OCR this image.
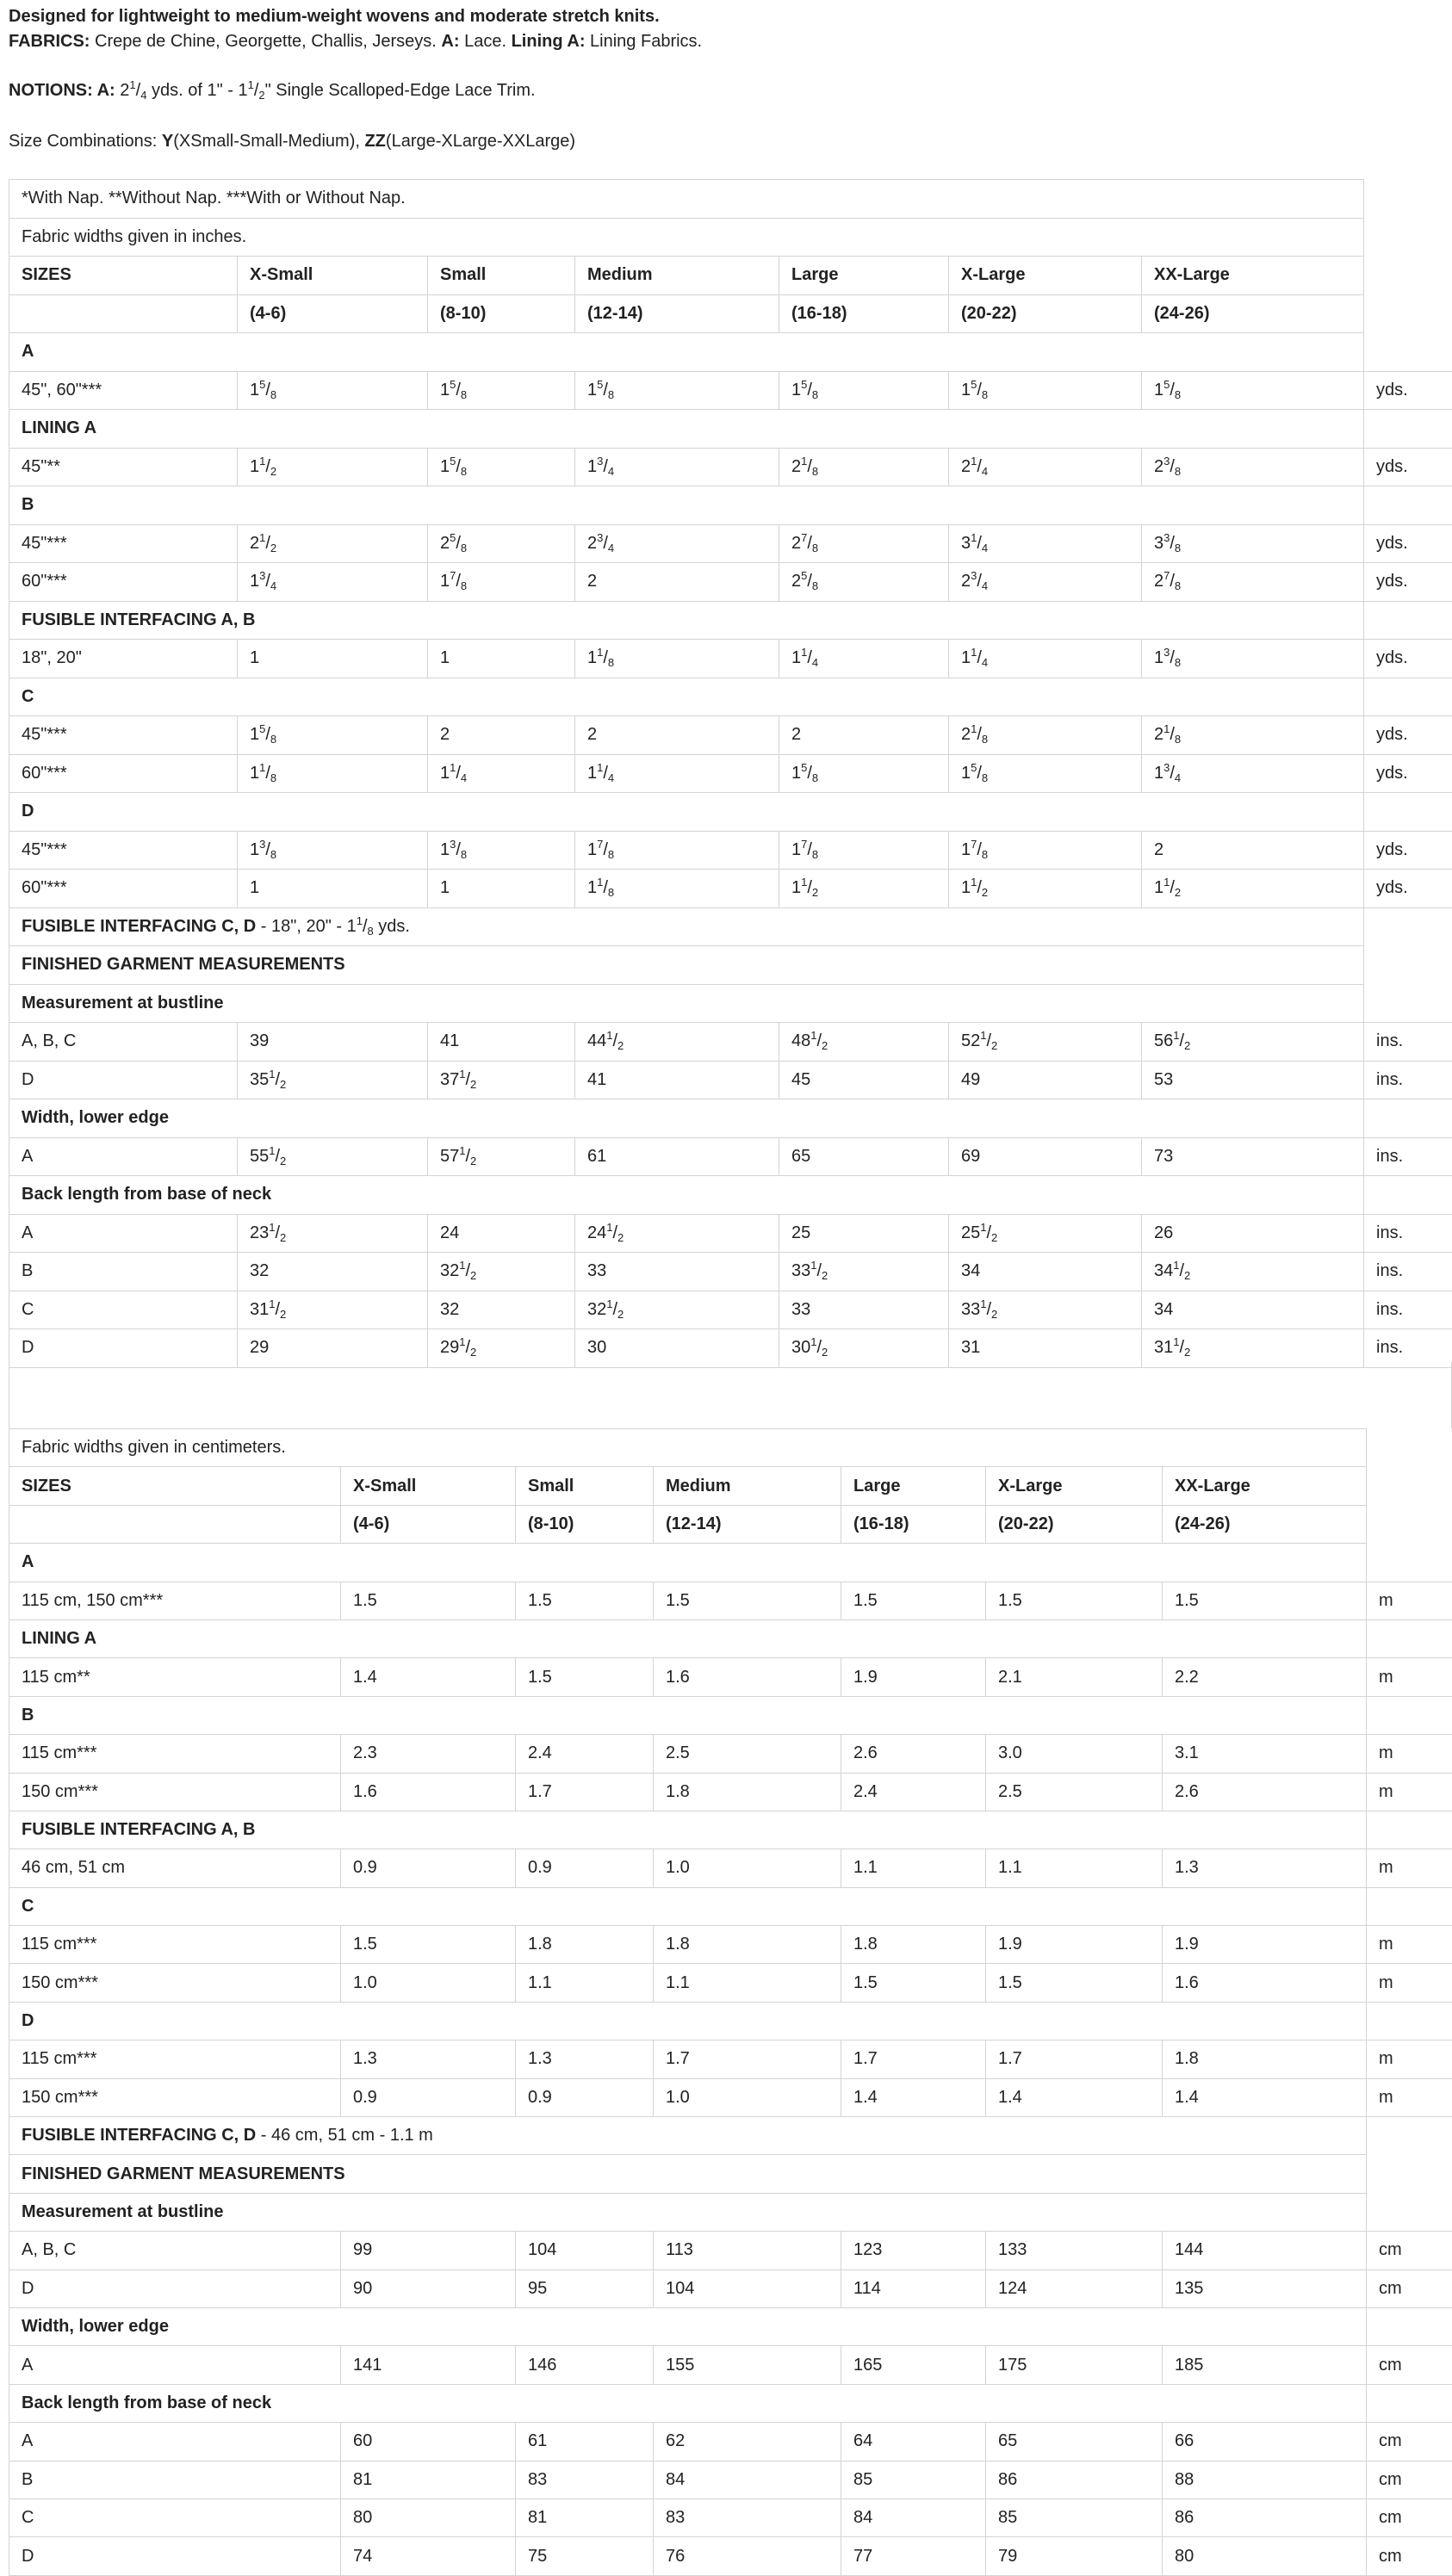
Designed for lightweight to medium-weight wovens and moderate stretch knits.

FABRICS: Crepe de Chine, Georgette, Challis, Jerseys. A: Lace. Lining A: Lining Fabrics.

NOTIONS: A: $2^1/_4$ yds. of 1" - $1^1/_2$" Single Scalloped-Edge Lace Trim.

Size Combinations: Y(XSmall-Small-Medium), ZZ(Large-XLarge-XXLarge)

*With Nap. **Without Nap. ***With or Without Nap.							
Fabric widths given in inches.							
SIZES	X-Small	Small	Medium	Large	X-Large	XX-Large	
	(4-6)	(8-10)	(12-14)	(16-18)	(20-22)	(24-26)	
A							
45", 60"***	$1^5/_8$	$1^5/_8$	$1^5/_8$	$1^5/_8$	$1^5/_8$	$1^5/_8$	yds.
LINING A							
45"**	$1^1/_2$	$1^5/_8$	$1^3/_4$	$2^1/_8$	$2^1/_4$	$2^3/_8$	yds.
B							
45"***	$2^1/_2$	$2^5/_8$	$2^3/_4$	$2^7/_8$	$3^1/_4$	$3^3/_8$	yds.
60"***	$1^3/_4$	$1^7/_8$	2	$2^5/_8$	$2^3/_4$	$2^7/_8$	yds.
FUSIBLE INTERFACING A, B							
18", 20"	1	1	$1^1/_8$	$1^1/_4$	$1^1/_4$	$1^3/_8$	yds.
C							
45"***	$1^5/_8$	2	2	2	$2^1/_8$	$2^1/_8$	yds.
60"***	$1^1/_8$	$1^1/_4$	$1^1/_4$	$1^5/_8$	$1^5/_8$	$1^3/_4$	yds.
D							
45"***	$1^3/_8$	$1^3/_8$	$1^7/_8$	$1^7/_8$	$1^7/_8$	2	yds.
60"***	1	1	$1^1/_8$	$1^1/_2$	$1^1/_2$	$1^1/_2$	yds.
FUSIBLE INTERFACING C, D - 18", 20" - $1^1/_8$ yds.							
FINISHED GARMENT MEASUREMENTS							
Measurement at bustline							
A, B, C	39	41	$44^1/_2$	$48^1/_2$	$52^1/_2$	$56^1/_2$	ins.
D	$35^1/_2$	$37^1/_2$	41	45	49	53	ins.
Width, lower edge							
A	$55^1/_2$	$57^1/_2$	61	65	69	73	ins.
Back length from base of neck							
A	$23^1/_2$	24	$24^1/_2$	25	$25^1/_2$	26	ins.
B	32	$32^1/_2$	33	$33^1/_2$	34	$34^1/_2$	ins.
C	$31^1/_2$	32	$32^1/_2$	33	$33^1/_2$	34	ins.
D	29	$29^1/_2$	30	$30^1/_2$	31	$31^1/_2$	ins.
Fabric widths given in centimeters.							
SIZES	X-Small	Small	Medium	Large	X-Large	XX-Large	
	(4-6)	(8-10)	(12-14)	(16-18)	(20-22)	(24-26)	
A							
115 cm, 150 cm***	1.5	1.5	1.5	1.5	1.5	1.5	m
LINING A							
115 cm**	1.4	1.5	1.6	1.9	2.1	2.2	m
B							
115 cm***	2.3	2.4	2.5	2.6	3.0	3.1	m
150 cm***	1.6	1.7	1.8	2.4	2.5	2.6	m
FUSIBLE INTERFACING A, B							
46 cm, 51 cm	0.9	0.9	1.0	1.1	1.1	1.3	m
C							
115 cm***	1.5	1.8	1.8	1.8	1.9	1.9	m
150 cm***	1.0	1.1	1.1	1.5	1.5	1.6	m
D							
115 cm***	1.3	1.3	1.7	1.7	1.7	1.8	m
150 cm***	0.9	0.9	1.0	1.4	1.4	1.4	m
FUSIBLE INTERFACING C, D - 46 cm, 51 cm - 1.1 m							
FINISHED GARMENT MEASUREMENTS							
Measurement at bustline							
A, B, C	99	104	113	123	133	144	cm
D	90	95	104	114	124	135	cm
Width, lower edge							
A	141	146	155	165	175	185	cm
Back length from base of neck							
A	60	61	62	64	65	66	cm
B	81	83	84	85	86	88	cm
C	80	81	83	84	85	86	cm
D	74	75	76	77	79	80	cm
